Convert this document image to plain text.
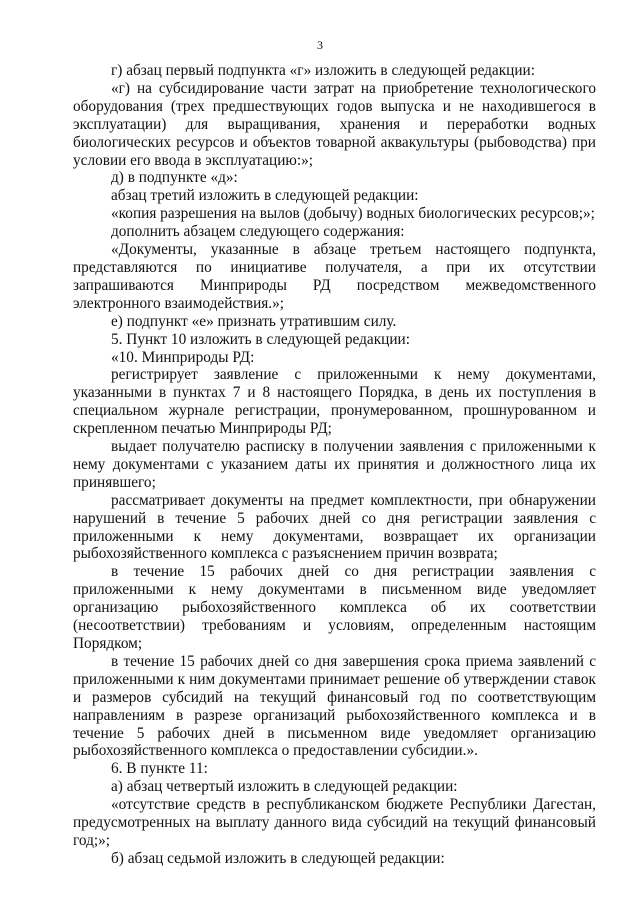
3

г) абзац первый подпункта «г» изложить в следующей редакции:

«г) на субсидирование части затрат на приобретение технологического оборудования (трех предшествующих годов выпуска и не находившегося в эксплуатации) для выращивания, хранения и переработки водных биологических ресурсов и объектов товарной аквакультуры (рыбоводства) при условии его ввода в эксплуатацию:»;

д) в подпункте «д»:

абзац третий изложить в следующей редакции:

«копия разрешения на вылов (добычу) водных биологических ресурсов;»;

дополнить абзацем следующего содержания:

«Документы, указанные в абзаце третьем настоящего подпункта, представляются по инициативе получателя, а при их отсутствии запрашиваются Минприроды РД посредством межведомственного электронного взаимодействия.»;

е) подпункт «е» признать утратившим силу.

5. Пункт 10 изложить в следующей редакции:

«10. Минприроды РД:

регистрирует заявление с приложенными к нему документами, указанными в пунктах 7 и 8 настоящего Порядка, в день их поступления в специальном журнале регистрации, пронумерованном, прошнурованном и скрепленном печатью Минприроды РД;

выдает получателю расписку в получении заявления с приложенными к нему документами с указанием даты их принятия и должностного лица их принявшего;

рассматривает документы на предмет комплектности, при обнаружении нарушений в течение 5 рабочих дней со дня регистрации заявления с приложенными к нему документами, возвращает их организации рыбохозяйственного комплекса с разъяснением причин возврата;

в течение 15 рабочих дней со дня регистрации заявления с приложенными к нему документами в письменном виде уведомляет организацию рыбохозяйственного комплекса об их соответствии (несоответствии) требованиям и условиям, определенным настоящим Порядком;

в течение 15 рабочих дней со дня завершения срока приема заявлений с приложенными к ним документами принимает решение об утверждении ставок и размеров субсидий на текущий финансовый год по соответствующим направлениям в разрезе организаций рыбохозяйственного комплекса и в течение 5 рабочих дней в письменном виде уведомляет организацию рыбохозяйственного комплекса о предоставлении субсидии.».

6. В пункте 11:

а) абзац четвертый изложить в следующей редакции:

«отсутствие средств в республиканском бюджете Республики Дагестан, предусмотренных на выплату данного вида субсидий на текущий финансовый год;»;

б) абзац седьмой изложить в следующей редакции:
